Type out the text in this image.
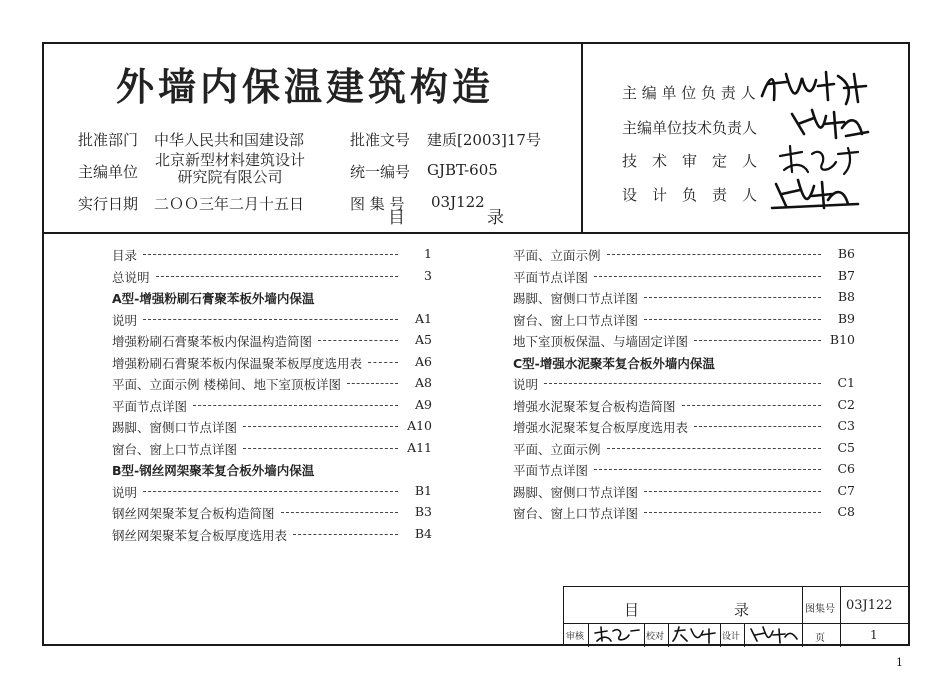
外墙内保温建筑构造
批准部门 中华人民共和国建设部	批准文号 建质[2003]17号
主编单位
北京新型材料建筑设计
研究院有限公司	统一编号 GJBT-605
实行日期 二ＯＯ三年二月十五日	图 集 号 03J122
主 编 单 位 负 责 人
主编单位技术负责人
技　术　审　定　人
设　计　负　责　人
目	录
目录	1
总说明	3
A型-增强粉刷石膏聚苯板外墙内保温
说明	A1
增强粉刷石膏聚苯板内保温构造简图	A5
增强粉刷石膏聚苯板内保温聚苯板厚度选用表	A6
平面、立面示例 楼梯间、地下室顶板详图	A8
平面节点详图	A9
踢脚、窗侧口节点详图	A10
窗台、窗上口节点详图	A11
B型-钢丝网架聚苯复合板外墙内保温
说明	B1
钢丝网架聚苯复合板构造简图	B3
钢丝网架聚苯复合板厚度选用表	B4
平面、立面示例	B6
平面节点详图	B7
踢脚、窗侧口节点详图	B8
窗台、窗上口节点详图	B9
地下室顶板保温、与墙固定详图	B10
C型-增强水泥聚苯复合板外墙内保温
说明	C1
增强水泥聚苯复合板构造简图	C2
增强水泥聚苯复合板厚度选用表	C3
平面、立面示例	C5
平面节点详图	C6
踢脚、窗侧口节点详图	C7
窗台、窗上口节点详图	C8
目	录	图集号 03J122
审核	校对	设计	页	1
1
